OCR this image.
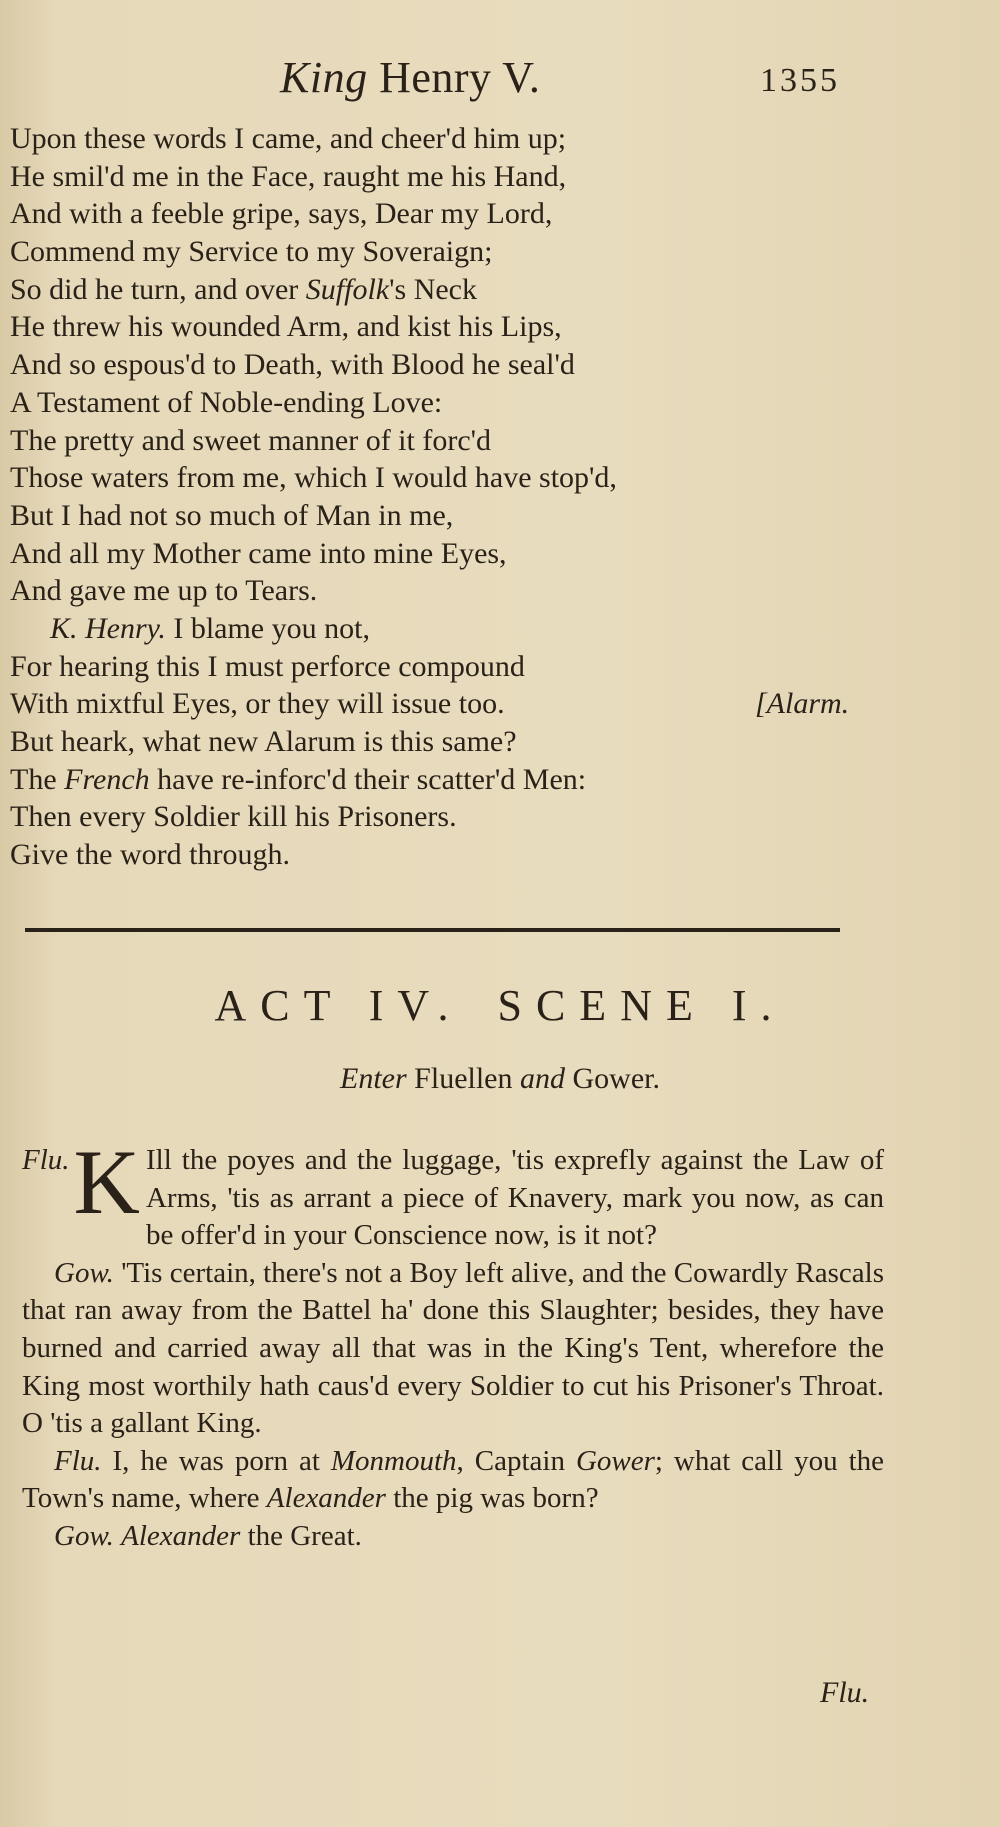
King Henry V.	1355
Upon these words I came, and cheer'd him up;
He smil'd me in the Face, raught me his Hand,
And with a feeble gripe, says, Dear my Lord,
Commend my Service to my Soveraign;
So did he turn, and over Suffolk's Neck
He threw his wounded Arm, and kist his Lips,
And so espous'd to Death, with Blood he seal'd
A Testament of Noble-ending Love:
The pretty and sweet manner of it forc'd
Those waters from me, which I would have stop'd,
But I had not so much of Man in me,
And all my Mother came into mine Eyes,
And gave me up to Tears.
K. Henry. I blame you not,
For hearing this I must perforce compound
With mixtful Eyes, or they will issue too.	[Alarm.
But heark, what new Alarum is this same?
The French have re-inforc'd their scatter'd Men:
Then every Soldier kill his Prisoners.
Give the word through.
ACT IV. SCENE I.
Enter Fluellen and Gower.

Flu. K Ill the poyes and the luggage, 'tis exprefly against the Law of Arms, 'tis as arrant a piece of Knavery, mark you now, as can be offer'd in your Conscience now, is it not?

Gow. 'Tis certain, there's not a Boy left alive, and the Cowardly Rascals that ran away from the Battel ha' done this Slaughter; besides, they have burned and carried away all that was in the King's Tent, wherefore the King most worthily hath caus'd every Soldier to cut his Prisoner's Throat. O 'tis a gallant King.

Flu. I, he was porn at Monmouth, Captain Gower; what call you the Town's name, where Alexander the pig was born?

Gow. Alexander the Great.

Flu.
